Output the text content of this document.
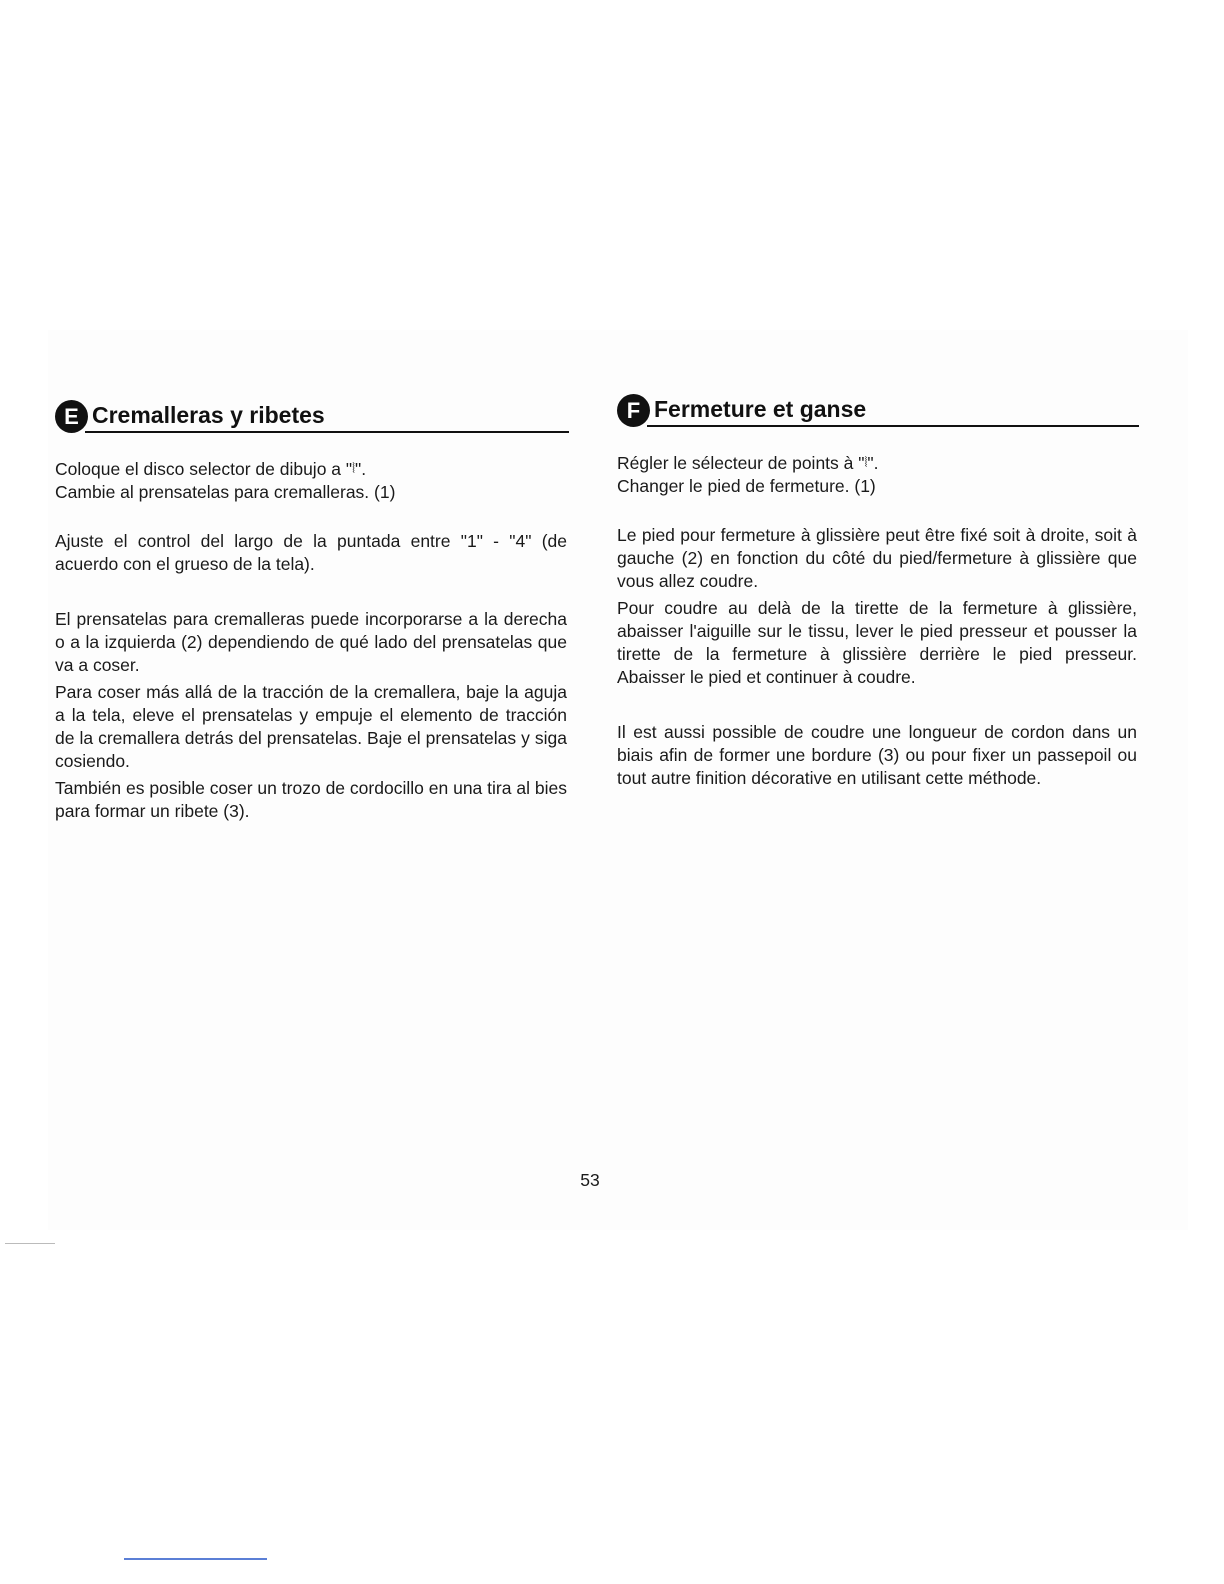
E Cremalleras y ribetes

Coloque el disco selector de dibujo a "⦚".

Cambie al prensatelas para cremalleras. (1)

Ajuste el control del largo de la puntada entre "1" - "4" (de acuerdo con el grueso de la tela).

El prensatelas para cremalleras puede incorporarse a la derecha o a la izquierda (2) dependiendo de qué lado del prensatelas que va a coser.

Para coser más allá de la tracción de la cremallera, baje la aguja a la tela, eleve el prensatelas y empuje el elemento de tracción de la cremallera detrás del prensatelas. Baje el prensatelas y siga cosiendo.

También es posible coser un trozo de cordocillo en una tira al bies para formar un ribete (3).

F Fermeture et ganse

Régler le sélecteur de points à "⦚".

Changer le pied de fermeture. (1)

Le pied pour fermeture à glissière peut être fixé soit à droite, soit à gauche (2) en fonction du côté du pied/fermeture à glissière que vous allez coudre.

Pour coudre au delà de la tirette de la fermeture à glissière, abaisser l'aiguille sur le tissu, lever le pied presseur et pousser la tirette de la fermeture à glissière derrière le pied presseur. Abaisser le pied et continuer à coudre.

Il est aussi possible de coudre une longueur de cordon dans un biais afin de former une bordure (3) ou pour fixer un passepoil ou tout autre finition décorative en utilisant cette méthode.

53
